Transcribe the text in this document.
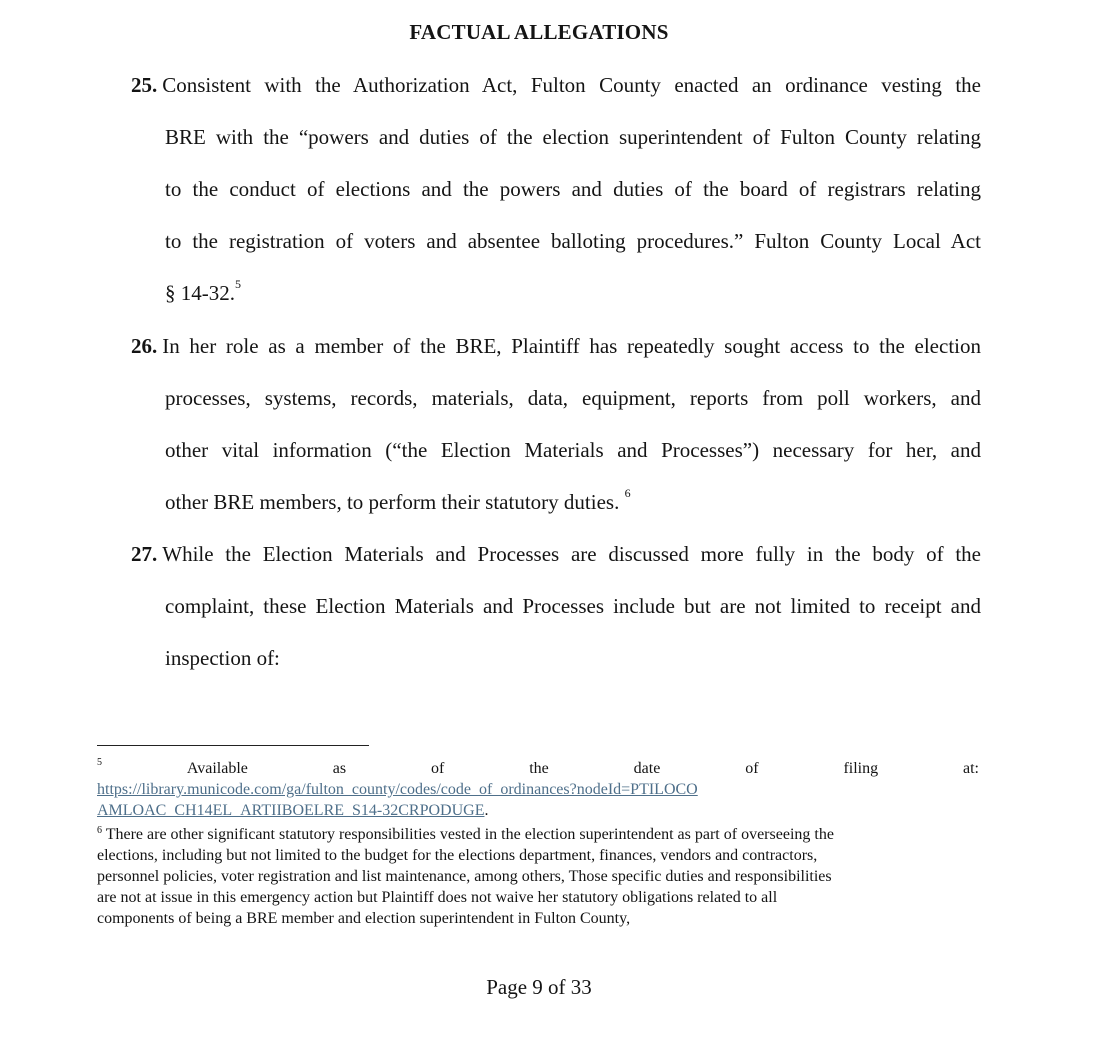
FACTUAL ALLEGATIONS
25. Consistent with the Authorization Act, Fulton County enacted an ordinance vesting the
BRE with the “powers and duties of the election superintendent of Fulton County relating
to the conduct of elections and the powers and duties of the board of registrars relating
to the registration of voters and absentee balloting procedures.” Fulton County Local Act
§ 14-32.$^5$
26. In her role as a member of the BRE, Plaintiff has repeatedly sought access to the election
processes, systems, records, materials, data, equipment, reports from poll workers, and
other vital information (“the Election Materials and Processes”) necessary for her, and
other BRE members, to perform their statutory duties. $^6$
27. While the Election Materials and Processes are discussed more fully in the body of the
complaint, these Election Materials and Processes include but are not limited to receipt and
inspection of:
5	Available	as	of	the	date	of	filing	at:
https://library.municode.com/ga/fulton_county/codes/code_of_ordinances?nodeId=PTILOCO
AMLOAC_CH14EL_ARTIIBOELRE_S14-32CRPODUGE.
$^6$ There are other significant statutory responsibilities vested in the election superintendent as part of overseeing the
elections, including but not limited to the budget for the elections department, finances, vendors and contractors,
personnel policies, voter registration and list maintenance, among others, Those specific duties and responsibilities
are not at issue in this emergency action but Plaintiff does not waive her statutory obligations related to all
components of being a BRE member and election superintendent in Fulton County,
Page 9 of 33
